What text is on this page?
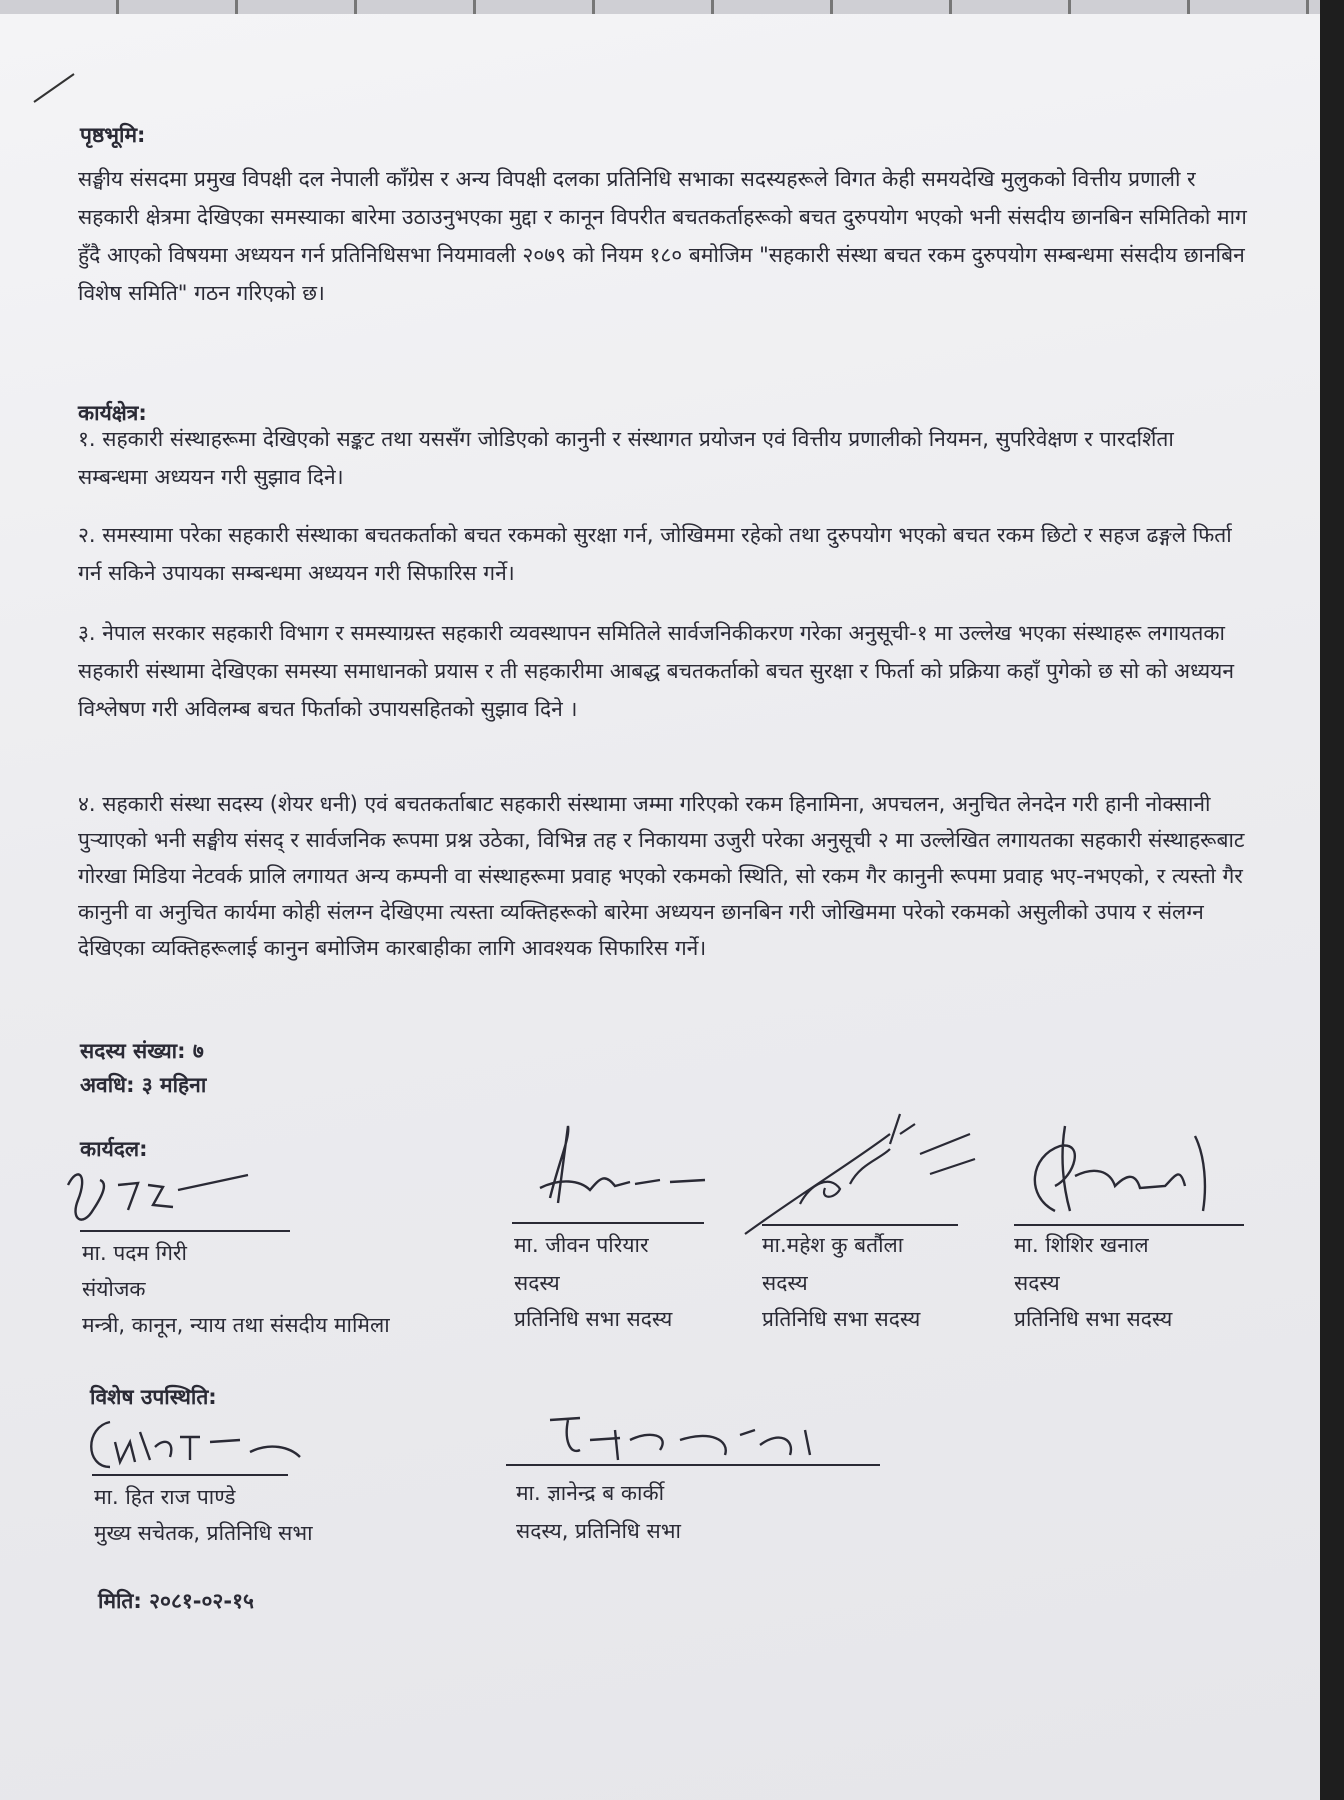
पृष्ठभूमि:
सङ्घीय संसदमा प्रमुख विपक्षी दल नेपाली काँग्रेस र अन्य विपक्षी दलका प्रतिनिधि सभाका सदस्यहरूले विगत केही समयदेखि मुलुकको वित्तीय प्रणाली र सहकारी क्षेत्रमा देखिएका समस्याका बारेमा उठाउनुभएका मुद्दा र कानून विपरीत बचतकर्ताहरूको बचत दुरुपयोग भएको भनी संसदीय छानबिन समितिको माग हुँदै आएको विषयमा अध्ययन गर्न प्रतिनिधिसभा नियमावली २०७९ को नियम १८० बमोजिम "सहकारी संस्था बचत रकम दुरुपयोग सम्बन्धमा संसदीय छानबिन विशेष समिति" गठन गरिएको छ।
कार्यक्षेत्र:
१. सहकारी संस्थाहरूमा देखिएको सङ्कट तथा यससँग जोडिएको कानुनी र संस्थागत प्रयोजन एवं वित्तीय प्रणालीको नियमन, सुपरिवेक्षण र पारदर्शिता सम्बन्धमा अध्ययन गरी सुझाव दिने।
२. समस्यामा परेका सहकारी संस्थाका बचतकर्ताको बचत रकमको सुरक्षा गर्न, जोखिममा रहेको तथा दुरुपयोग भएको बचत रकम छिटो र सहज ढङ्गले फिर्ता गर्न सकिने उपायका सम्बन्धमा अध्ययन गरी सिफारिस गर्ने।
३. नेपाल सरकार सहकारी विभाग र समस्याग्रस्त सहकारी व्यवस्थापन समितिले सार्वजनिकीकरण गरेका अनुसूची-१ मा उल्लेख भएका संस्थाहरू लगायतका सहकारी संस्थामा देखिएका समस्या समाधानको प्रयास र ती सहकारीमा आबद्ध बचतकर्ताको बचत सुरक्षा र फिर्ता को प्रक्रिया कहाँ पुगेको छ सो को अध्ययन विश्लेषण गरी अविलम्ब बचत फिर्ताको उपायसहितको सुझाव दिने ।
४. सहकारी संस्था सदस्य (शेयर धनी) एवं बचतकर्ताबाट सहकारी संस्थामा जम्मा गरिएको रकम हिनामिना, अपचलन, अनुचित लेनदेन गरी हानी नोक्सानी पुऱ्याएको भनी सङ्घीय संसद् र सार्वजनिक रूपमा प्रश्न उठेका, विभिन्न तह र निकायमा उजुरी परेका अनुसूची २ मा उल्लेखित लगायतका सहकारी संस्थाहरूबाट गोरखा मिडिया नेटवर्क प्रालि लगायत अन्य कम्पनी वा संस्थाहरूमा प्रवाह भएको रकमको स्थिति, सो रकम गैर कानुनी रूपमा प्रवाह भए-नभएको, र त्यस्तो गैर कानुनी वा अनुचित कार्यमा कोही संलग्न देखिएमा त्यस्ता व्यक्तिहरूको बारेमा अध्ययन छानबिन गरी जोखिममा परेको रकमको असुलीको उपाय र संलग्न देखिएका व्यक्तिहरूलाई कानुन बमोजिम कारबाहीका लागि आवश्यक सिफारिस गर्ने।
सदस्य संख्या: ७
अवधि: ३ महिना
कार्यदल:
मा. पदम गिरी
संयोजक
मन्त्री, कानून, न्याय तथा संसदीय मामिला
मा. जीवन परियार
सदस्य
प्रतिनिधि सभा सदस्य
मा.महेश कु बर्तौला
सदस्य
प्रतिनिधि सभा सदस्य
मा. शिशिर खनाल
सदस्य
प्रतिनिधि सभा सदस्य
विशेष उपस्थिति:
मा. हित राज पाण्डे
मुख्य सचेतक, प्रतिनिधि सभा
मा. ज्ञानेन्द्र ब कार्की
सदस्य, प्रतिनिधि सभा
मिति: २०८१-०२-१५
